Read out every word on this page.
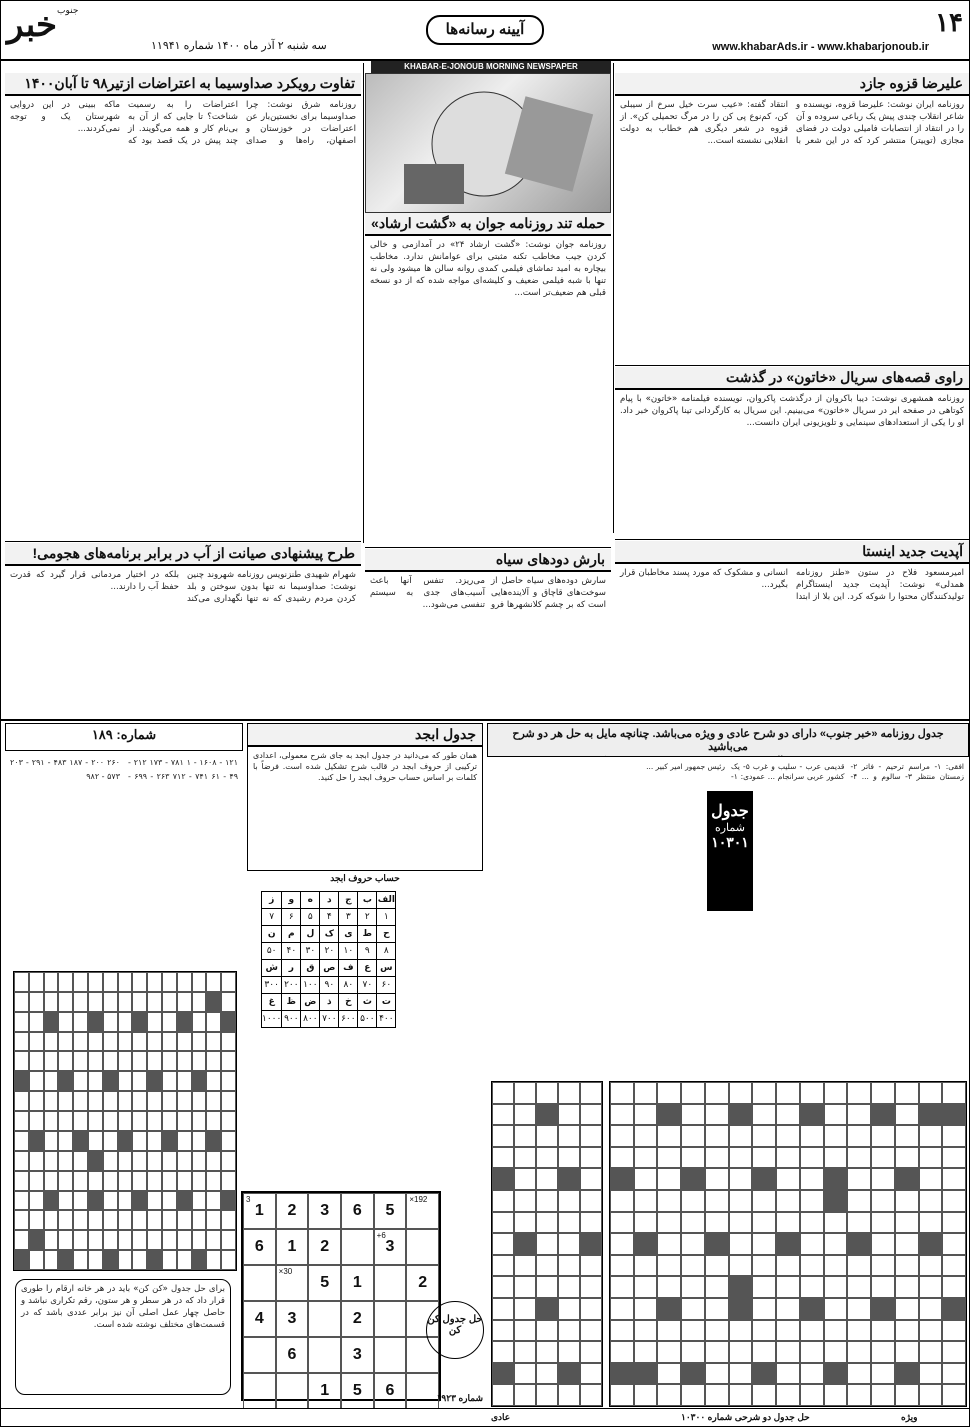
۱۴
www.khabarAds.ir - www.khabarjonoub.ir
آیینه رسانه‌ها
سه شنبه ۲ آذر ماه ۱۴۰۰ شماره ۱۱۹۴۱
خبر جنوب
KHABAR-E-JONOUB MORNING NEWSPAPER
علیرضا قزوه جازد
روزنامه ایران نوشت: علیرضا قزوه، نویسنده و شاعر انقلاب چندی پیش یک رباعی سروده و آن را در انتقاد از انتصابات فامیلی دولت در فضای مجازی (توییتر) منتشر کرد که در این شعر با انتقاد گفته: «عیب سرت خیل سرخ از سیبلی کن، کم‌نوع پی کن را در مرگ تحمیلی کن». از قزوه در شعر دیگری هم خطاب به دولت انقلابی نشسته است...
حمله تند روزنامه جوان به «گشت ارشاد»
روزنامه جوان نوشت: «گشت ارشاد ۲۴» در آمدازمی و خالی کردن جیب مخاطب تکنه مثبتی برای عوامانش ندارد. مخاطب بیچاره به امید تماشای فیلمی کمدی روانه سالن ها میشود ولی نه تنها با شبه فیلمی ضعیف و کلیشه‌ای مواجه شده که از دو نسخه قبلی هم ضعیف‌تر است...
تفاوت رویکرد صداوسیما به اعتراضات ازتیر۹۸ تا آبان۱۴۰۰
روزنامه شرق نوشت: چرا صداوسیما برای نخستین‌بار عن اعتراضات در خوزستان و اصفهان، راه‌ها و صدای اعتراضات را به رسمیت شناخت؟ تا جایی که از آن به بی‌نام کار و همه می‌گویند. از چند پیش در یک قصد بود که ماکه ببینی در این دروایی شهرستان یک و توجه نمی‌کردند...
راوی قصه‌های سریال «خاتون» در گذشت
روزنامه همشهری نوشت: دیبا باکروان از درگذشت پاکروان، نویسنده فیلمنامه «خاتون» با پیام کوتاهی در صفحه ایر در سریال «خاتون» می‌بینیم. این سریال به کارگردانی تینا پاکروان خبر داد. او را یکی از استعدادهای سینمایی و تلویزیونی ایران دانست...
آپدیت جدید اینستا
امیرمسعود فلاح در ستون «طنز روزنامه همدلی» نوشت: آپدیت جدید اینستاگرام تولیدکنندگان محتوا را شوکه کرد. این بلا از ابتدا انسانی و مشکوک که مورد پسند مخاطبان قرار بگیرد...
بارش دودهای سیاه
سارش دوده‌های سیاه حاصل از سوخت‌های قاچاق و آلاینده‌هایی است که بر چشم کلانشهرها فرو می‌ریزد. تنفس آنها باعث آسیب‌های جدی به سیستم تنفسی می‌شود...
طرح پیشنهادی صیانت از آب در برابر برنامه‌های هجومی!
شهرام شهیدی طنزنویس روزنامه شهروند چنین نوشت: صداوسیما نه تنها بدون سوختن و بلد کردن مردم رشیدی که نه تنها نگهداری می‌کند بلکه در اختیار مردمانی قرار گیرد که قدرت حفظ آب را دارند...
جدول روزنامه «خبر جنوب» دارای دو شرح عادی و ویژه می‌باشد. چنانچه مایل به حل هر دو شرح می‌باشید
افقی: ۱- مراسم ترحیم - فاتر ۲- زمستان منتظر ۳- سالوم و ... ۴- قدیمی عرب - سلیب و غرب ۵- یک کشور عربی سرانجام ... عمودی: ۱- رئیس جمهور امیر کبیر ...
جدول
شماره
۱۰۳۰۱
جدول ابجد
همان طور که می‌دانید در جدول ابجد به جای شرح معمولی، اعدادی ترکیبی از حروف ابجد در قالب شرح تشکیل شده است. فرضاً با کلمات بر اساس حساب حروف ابجد را حل کنید.
حساب حروف ابجد
الف	ب	ج	د	ه	و	ز
۱	۲	۳	۴	۵	۶	۷
ح	ط	ی	ک	ل	م	ن
۸	۹	۱۰	۲۰	۳۰	۴۰	۵۰
س	ع	ف	ص	ق	ر	ش
۶۰	۷۰	۸۰	۹۰	۱۰۰	۲۰۰	۳۰۰
ت	ث	خ	ذ	ض	ظ	غ
۴۰۰	۵۰۰	۶۰۰	۷۰۰	۸۰۰	۹۰۰	۱۰۰۰
192×
5
6
3
2
3
1
6+
3
2
1
6
2
1
5
30×
2
3
4
3
6
6
5
1
حل جدول کن کن
برای حل جدول «کن کن» باید در هر خانه ارقام را طوری قرار داد که در هر سطر و هر ستون، رقم تکراری نباشد و حاصل چهار عمل اصلی آن نیز برابر عددی باشد که در قسمت‌های مختلف نوشته شده است.
شماره ۱۹۲۳
شماره: ۱۸۹
۱۲۱ - ۱۶۰۸ - ۱ ۷۸۱ - ۱۷۳ ۲۱۲ - ۴۹ - ۶۱ ۷۴۱ - ۷۱۲ ۲۶۳ - ۶۹۹ - ۲۶۰ ۲۰۰ - ۱۸۷ ۴۸۳ - ۲۹۱ - ۲۰۳ ۵۷۳ - ۹۸۲
عادی	حل جدول دو شرحی شماره ۱۰۳۰۰	ویژه
